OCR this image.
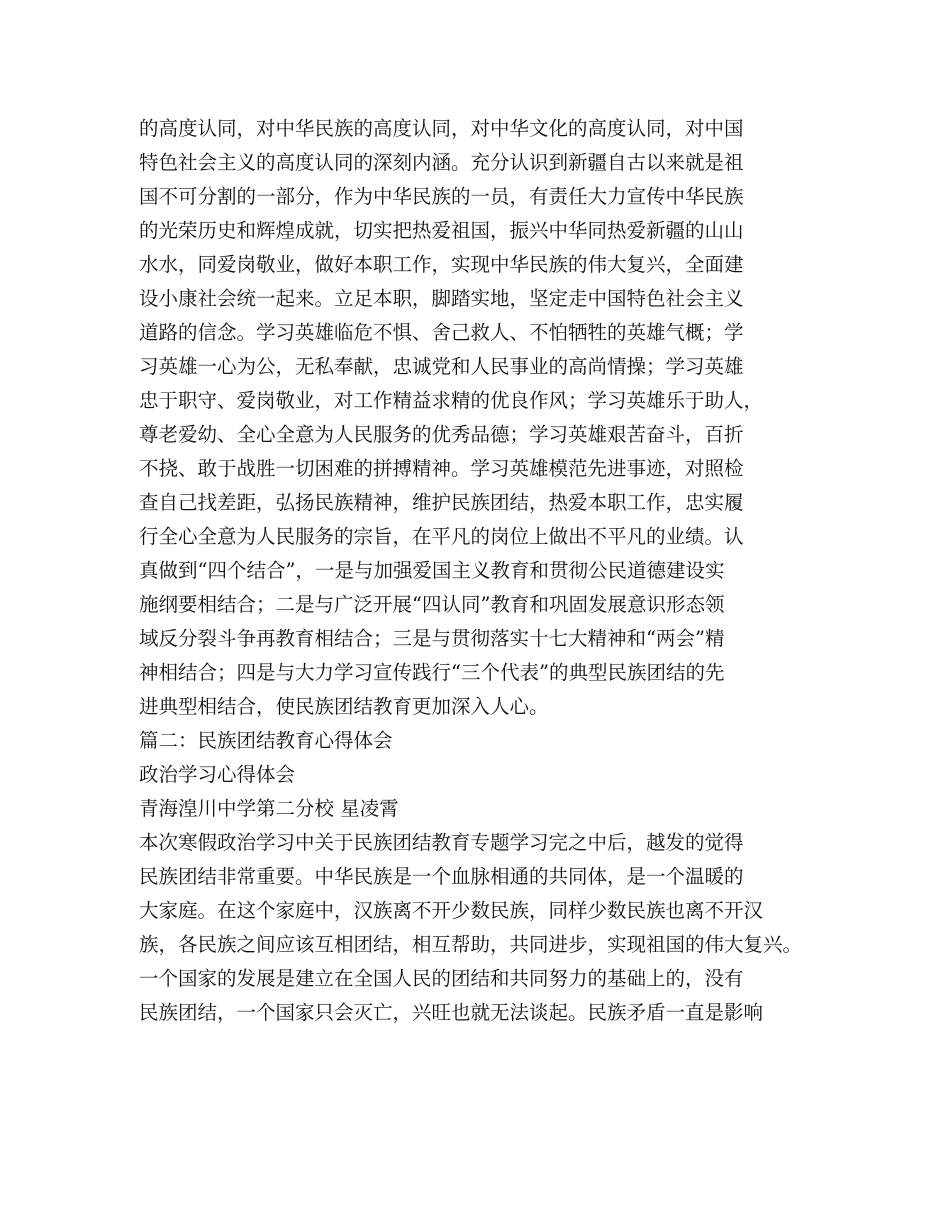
的高度认同，对中华民族的高度认同，对中华文化的高度认同，对中国
特色社会主义的高度认同的深刻内涵。充分认识到新疆自古以来就是祖
国不可分割的一部分，作为中华民族的一员，有责任大力宣传中华民族
的光荣历史和辉煌成就，切实把热爱祖国，振兴中华同热爱新疆的山山
水水，同爱岗敬业，做好本职工作，实现中华民族的伟大复兴，全面建
设小康社会统一起来。立足本职，脚踏实地，坚定走中国特色社会主义
道路的信念。学习英雄临危不惧、舍己救人、不怕牺牲的英雄气概；学
习英雄一心为公，无私奉献，忠诚党和人民事业的高尚情操；学习英雄
忠于职守、爱岗敬业，对工作精益求精的优良作风；学习英雄乐于助人，
尊老爱幼、全心全意为人民服务的优秀品德；学习英雄艰苦奋斗，百折
不挠、敢于战胜一切困难的拼搏精神。学习英雄模范先进事迹，对照检
查自己找差距，弘扬民族精神，维护民族团结，热爱本职工作，忠实履
行全心全意为人民服务的宗旨，在平凡的岗位上做出不平凡的业绩。认
真做到“四个结合”，一是与加强爱国主义教育和贯彻公民道德建设实
施纲要相结合；二是与广泛开展“四认同”教育和巩固发展意识形态领
域反分裂斗争再教育相结合；三是与贯彻落实十七大精神和“两会”精
神相结合；四是与大力学习宣传践行“三个代表”的典型民族团结的先
进典型相结合，使民族团结教育更加深入人心。
篇二：民族团结教育心得体会
政治学习心得体会
青海湟川中学第二分校 星凌霄
本次寒假政治学习中关于民族团结教育专题学习完之中后，越发的觉得
民族团结非常重要。中华民族是一个血脉相通的共同体，是一个温暖的
大家庭。在这个家庭中，汉族离不开少数民族，同样少数民族也离不开汉
族，各民族之间应该互相团结，相互帮助，共同进步，实现祖国的伟大复兴。
一个国家的发展是建立在全国人民的团结和共同努力的基础上的，没有
民族团结，一个国家只会灭亡，兴旺也就无法谈起。民族矛盾一直是影响
